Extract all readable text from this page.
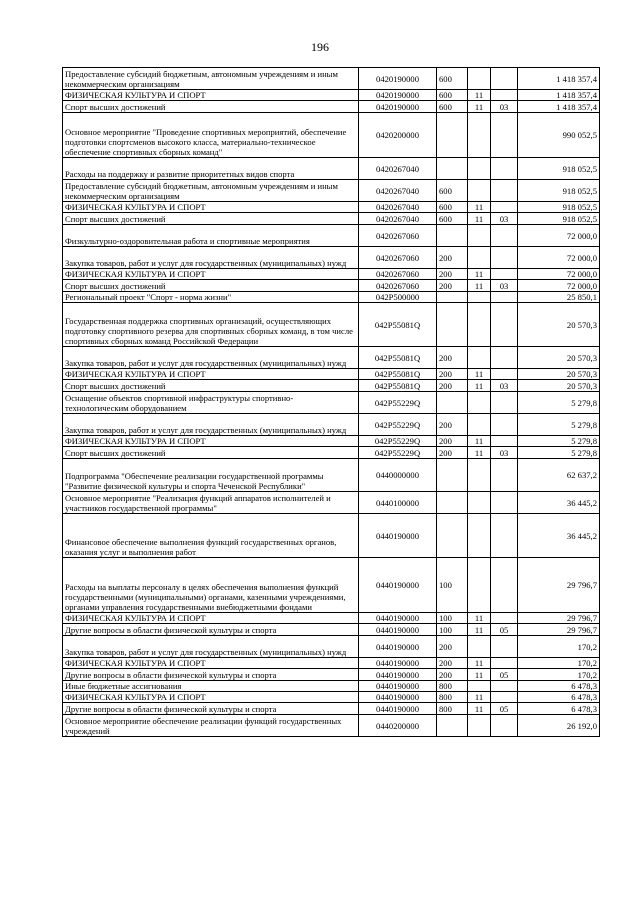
196
Предоставление субсидий бюджетным, автономным учреждениям и иным некоммерческим организациям	0420190000	600			1 418 357,4
ФИЗИЧЕСКАЯ КУЛЬТУРА И СПОРТ	0420190000	600	11		1 418 357,4
Спорт высших достижений	0420190000	600	11	03	1 418 357,4
Основное мероприятие "Проведение спортивных мероприятий, обеспечение подготовки спортсменов высокого класса, материально-техническое обеспечение спортивных сборных команд"	0420200000				990 052,5
Расходы на поддержку и развитие приоритетных видов спорта	0420267040				918 052,5
Предоставление субсидий бюджетным, автономным учреждениям и иным некоммерческим организациям	0420267040	600			918 052,5
ФИЗИЧЕСКАЯ КУЛЬТУРА И СПОРТ	0420267040	600	11		918 052,5
Спорт высших достижений	0420267040	600	11	03	918 052,5
Физкультурно-оздоровительная работа и спортивные мероприятия	0420267060				72 000,0
Закупка товаров, работ и услуг для государственных (муниципальных) нужд	0420267060	200			72 000,0
ФИЗИЧЕСКАЯ КУЛЬТУРА И СПОРТ	0420267060	200	11		72 000,0
Спорт высших достижений	0420267060	200	11	03	72 000,0
Региональный проект "Спорт - норма жизни"	042P500000				25 850,1
Государственная поддержка спортивных организаций, осуществляющих подготовку спортивного резерва для спортивных сборных команд, в том числе спортивных сборных команд Российской Федерации	042P55081Q				20 570,3
Закупка товаров, работ и услуг для государственных (муниципальных) нужд	042P55081Q	200			20 570,3
ФИЗИЧЕСКАЯ КУЛЬТУРА И СПОРТ	042P55081Q	200	11		20 570,3
Спорт высших достижений	042P55081Q	200	11	03	20 570,3
Оснащение объектов спортивной инфраструктуры спортивно-технологическим оборудованием	042P55229Q				5 279,8
Закупка товаров, работ и услуг для государственных (муниципальных) нужд	042P55229Q	200			5 279,8
ФИЗИЧЕСКАЯ КУЛЬТУРА И СПОРТ	042P55229Q	200	11		5 279,8
Спорт высших достижений	042P55229Q	200	11	03	5 279,8
Подпрограмма "Обеспечение реализации государственной программы "Развитие физической культуры и спорта Чеченской Республики"	0440000000				62 637,2
Основное мероприятие "Реализация функций аппаратов исполнителей и участников государственной программы"	0440100000				36 445,2
Финансовое обеспечение выполнения функций государственных органов, оказания услуг и выполнения работ	0440190000				36 445,2
Расходы на выплаты персоналу в целях обеспечения выполнения функций государственными (муниципальными) органами, казенными учреждениями, органами управления государственными внебюджетными фондами	0440190000	100			29 796,7
ФИЗИЧЕСКАЯ КУЛЬТУРА И СПОРТ	0440190000	100	11		29 796,7
Другие вопросы в области физической культуры и спорта	0440190000	100	11	05	29 796,7
Закупка товаров, работ и услуг для государственных (муниципальных) нужд	0440190000	200			170,2
ФИЗИЧЕСКАЯ КУЛЬТУРА И СПОРТ	0440190000	200	11		170,2
Другие вопросы в области физической культуры и спорта	0440190000	200	11	05	170,2
Иные бюджетные ассигнования	0440190000	800			6 478,3
ФИЗИЧЕСКАЯ КУЛЬТУРА И СПОРТ	0440190000	800	11		6 478,3
Другие вопросы в области физической культуры и спорта	0440190000	800	11	05	6 478,3
Основное мероприятие обеспечение реализации функций государственных учреждений	0440200000				26 192,0
